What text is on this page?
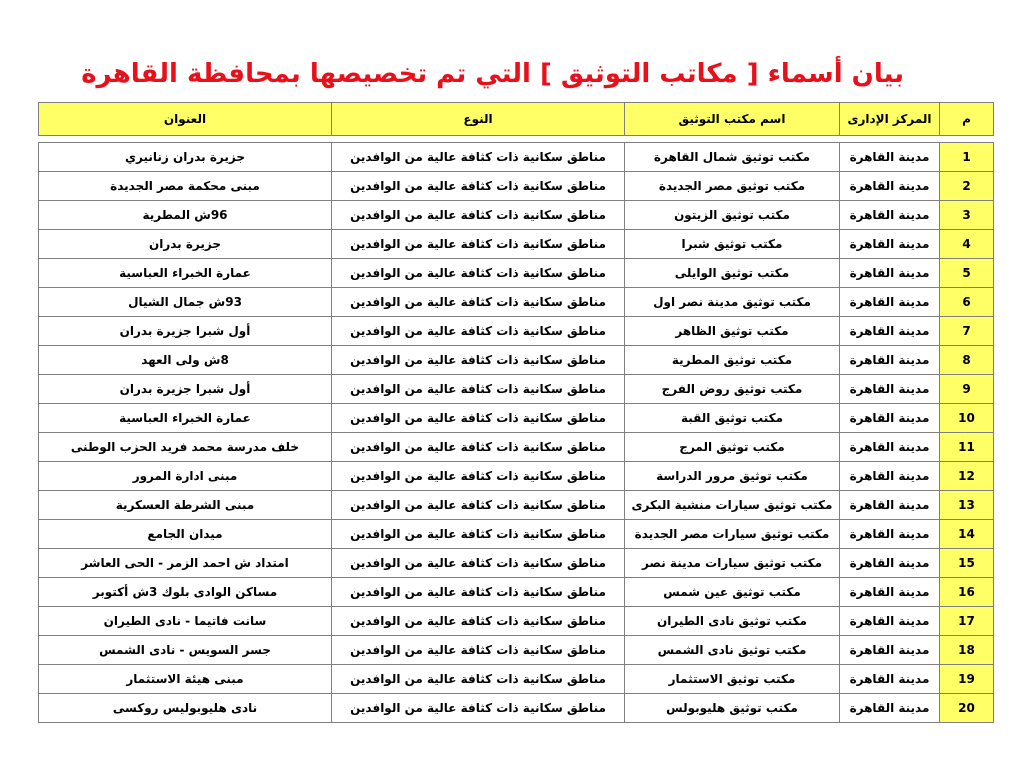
بيان أسماء [ مكاتب التوثيق ] التي تم تخصيصها بمحافظة القاهرة
م	المركز الإدارى	اسم مكتب التوثيق	النوع	العنوان

1	مدينة القاهرة	مكتب توثيق شمال القاهرة	مناطق سكانية ذات كثافة عالية من الوافدين	جزيرة بدران زنانيري
2	مدينة القاهرة	مكتب توثيق مصر الجديدة	مناطق سكانية ذات كثافة عالية من الوافدين	مبنى محكمة مصر الجديدة
3	مدينة القاهرة	مكتب توثيق الزيتون	مناطق سكانية ذات كثافة عالية من الوافدين	96ش المطرية
4	مدينة القاهرة	مكتب توثيق شبرا	مناطق سكانية ذات كثافة عالية من الوافدين	جزيرة بدران
5	مدينة القاهرة	مكتب توثيق الوايلى	مناطق سكانية ذات كثافة عالية من الوافدين	عمارة الخبراء العباسية
6	مدينة القاهرة	مكتب توثيق مدينة نصر اول	مناطق سكانية ذات كثافة عالية من الوافدين	93ش جمال الشيال
7	مدينة القاهرة	مكتب توثيق الظاهر	مناطق سكانية ذات كثافة عالية من الوافدين	أول شبرا جزيرة بدران
8	مدينة القاهرة	مكتب توثيق المطرية	مناطق سكانية ذات كثافة عالية من الوافدين	8ش ولى العهد
9	مدينة القاهرة	مكتب توثيق روض الفرج	مناطق سكانية ذات كثافة عالية من الوافدين	أول شبرا جزيرة بدران
10	مدينة القاهرة	مكتب توثيق القبة	مناطق سكانية ذات كثافة عالية من الوافدين	عمارة الخبراء العباسية
11	مدينة القاهرة	مكتب توثيق المرج	مناطق سكانية ذات كثافة عالية من الوافدين	خلف مدرسة محمد فريد الحزب الوطنى
12	مدينة القاهرة	مكتب توثيق مرور الدراسة	مناطق سكانية ذات كثافة عالية من الوافدين	مبنى ادارة المرور
13	مدينة القاهرة	مكتب توثيق سيارات منشية البكرى	مناطق سكانية ذات كثافة عالية من الوافدين	مبنى الشرطة العسكرية
14	مدينة القاهرة	مكتب توثيق سيارات مصر الجديدة	مناطق سكانية ذات كثافة عالية من الوافدين	ميدان الجامع
15	مدينة القاهرة	مكتب توثيق سيارات مدينة نصر	مناطق سكانية ذات كثافة عالية من الوافدين	امتداد ش احمد الزمر - الحى العاشر
16	مدينة القاهرة	مكتب توثيق عين شمس	مناطق سكانية ذات كثافة عالية من الوافدين	مساكن الوادى بلوك 3ش أكتوبر
17	مدينة القاهرة	مكتب توثيق نادى الطيران	مناطق سكانية ذات كثافة عالية من الوافدين	سانت فاتيما - نادى الطيران
18	مدينة القاهرة	مكتب توثيق نادى الشمس	مناطق سكانية ذات كثافة عالية من الوافدين	جسر السويس - نادى الشمس
19	مدينة القاهرة	مكتب توثيق الاستثمار	مناطق سكانية ذات كثافة عالية من الوافدين	مبنى هيئة الاستثمار
20	مدينة القاهرة	مكتب توثيق هليوبولس	مناطق سكانية ذات كثافة عالية من الوافدين	نادى هليوبوليس روكسى
